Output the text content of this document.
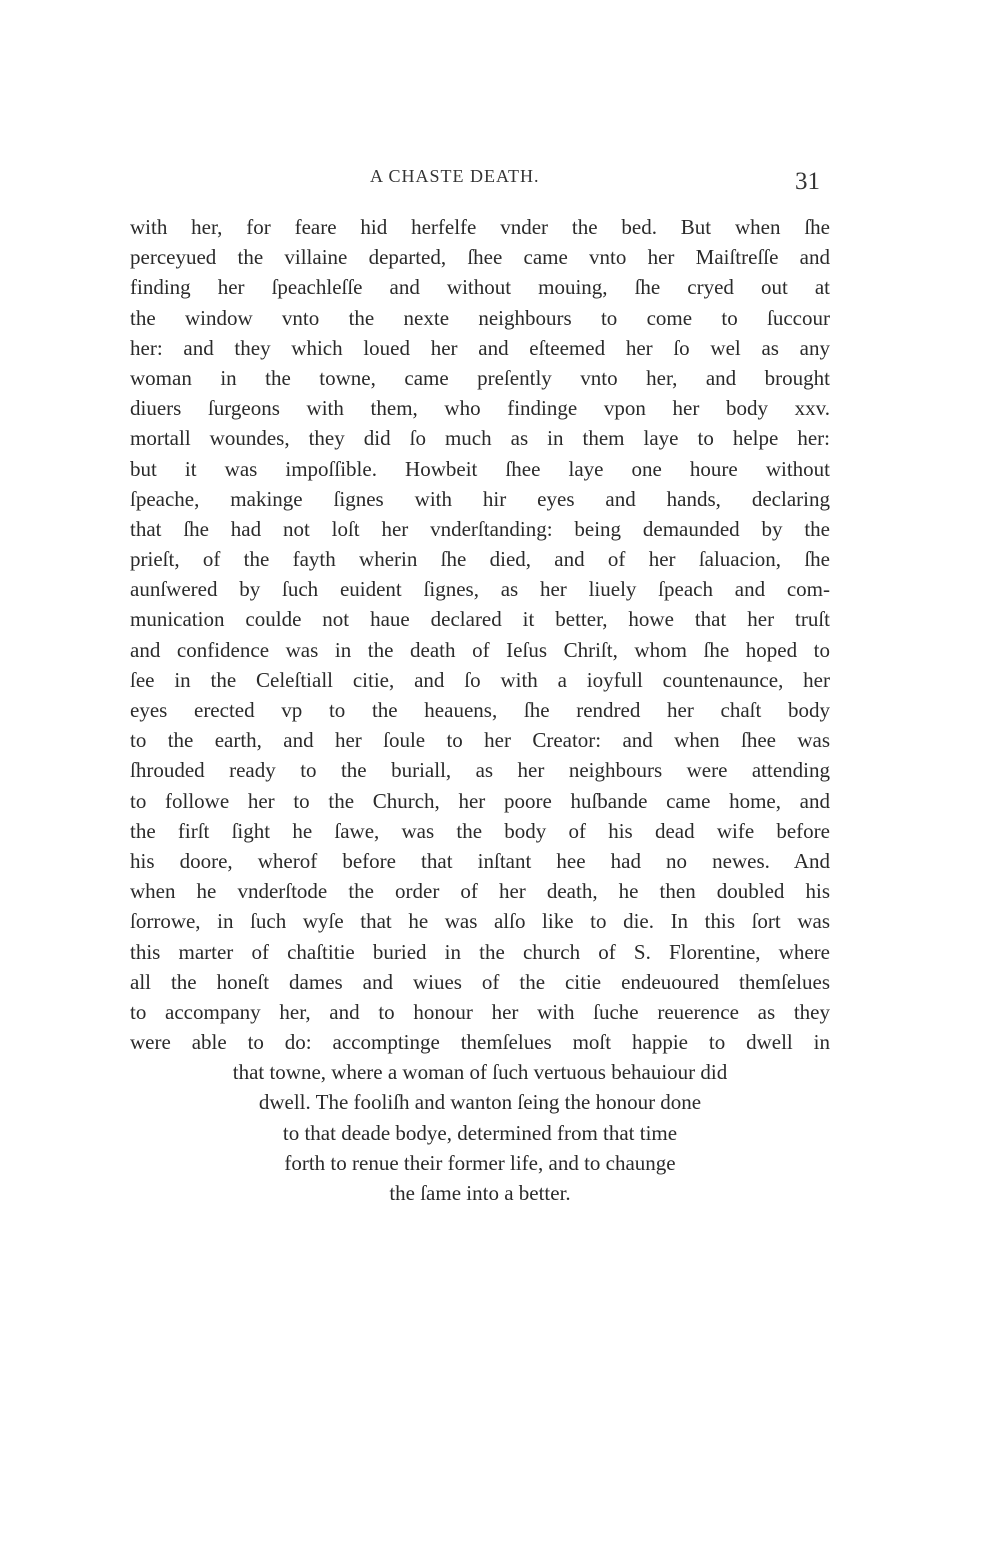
A CHASTE DEATH.	31
with her, for feare hid herfelfe vnder the bed. But when ſhe
perceyued the villaine departed, ſhee came vnto her Maiſtreſſe and
finding her ſpeachleſſe and without mouing, ſhe cryed out at
the window vnto the nexte neighbours to come to ſuccour
her: and they which loued her and eſteemed her ſo wel as any
woman in the towne, came preſently vnto her, and brought
diuers ſurgeons with them, who findinge vpon her body xxv.
mortall woundes, they did ſo much as in them laye to helpe her:
but it was impoſſible. Howbeit ſhee laye one houre without
ſpeache, makinge ſignes with hir eyes and hands, declaring
that ſhe had not loſt her vnderſtanding: being demaunded by the
prieſt, of the fayth wherin ſhe died, and of her ſaluacion, ſhe
aunſwered by ſuch euident ſignes, as her liuely ſpeach and com-
munication coulde not haue declared it better, howe that her truſt
and confidence was in the death of Ieſus Chriſt, whom ſhe hoped to
ſee in the Celeſtiall citie, and ſo with a ioyfull countenaunce, her
eyes erected vp to the heauens, ſhe rendred her chaſt body
to the earth, and her ſoule to her Creator: and when ſhee was
ſhrouded ready to the buriall, as her neighbours were attending
to followe her to the Church, her poore huſbande came home, and
the firſt ſight he ſawe, was the body of his dead wife before
his doore, wherof before that inſtant hee had no newes. And
when he vnderſtode the order of her death, he then doubled his
ſorrowe, in ſuch wyſe that he was alſo like to die. In this ſort was
this marter of chaſtitie buried in the church of S. Florentine, where
all the honeſt dames and wiues of the citie endeuoured themſelues
to accompany her, and to honour her with ſuche reuerence as they
were able to do: accomptinge themſelues moſt happie to dwell in
that towne, where a woman of ſuch vertuous behauiour did
dwell. The fooliſh and wanton ſeing the honour done
to that deade bodye, determined from that time
forth to renue their former life, and to chaunge
the ſame into a better.
